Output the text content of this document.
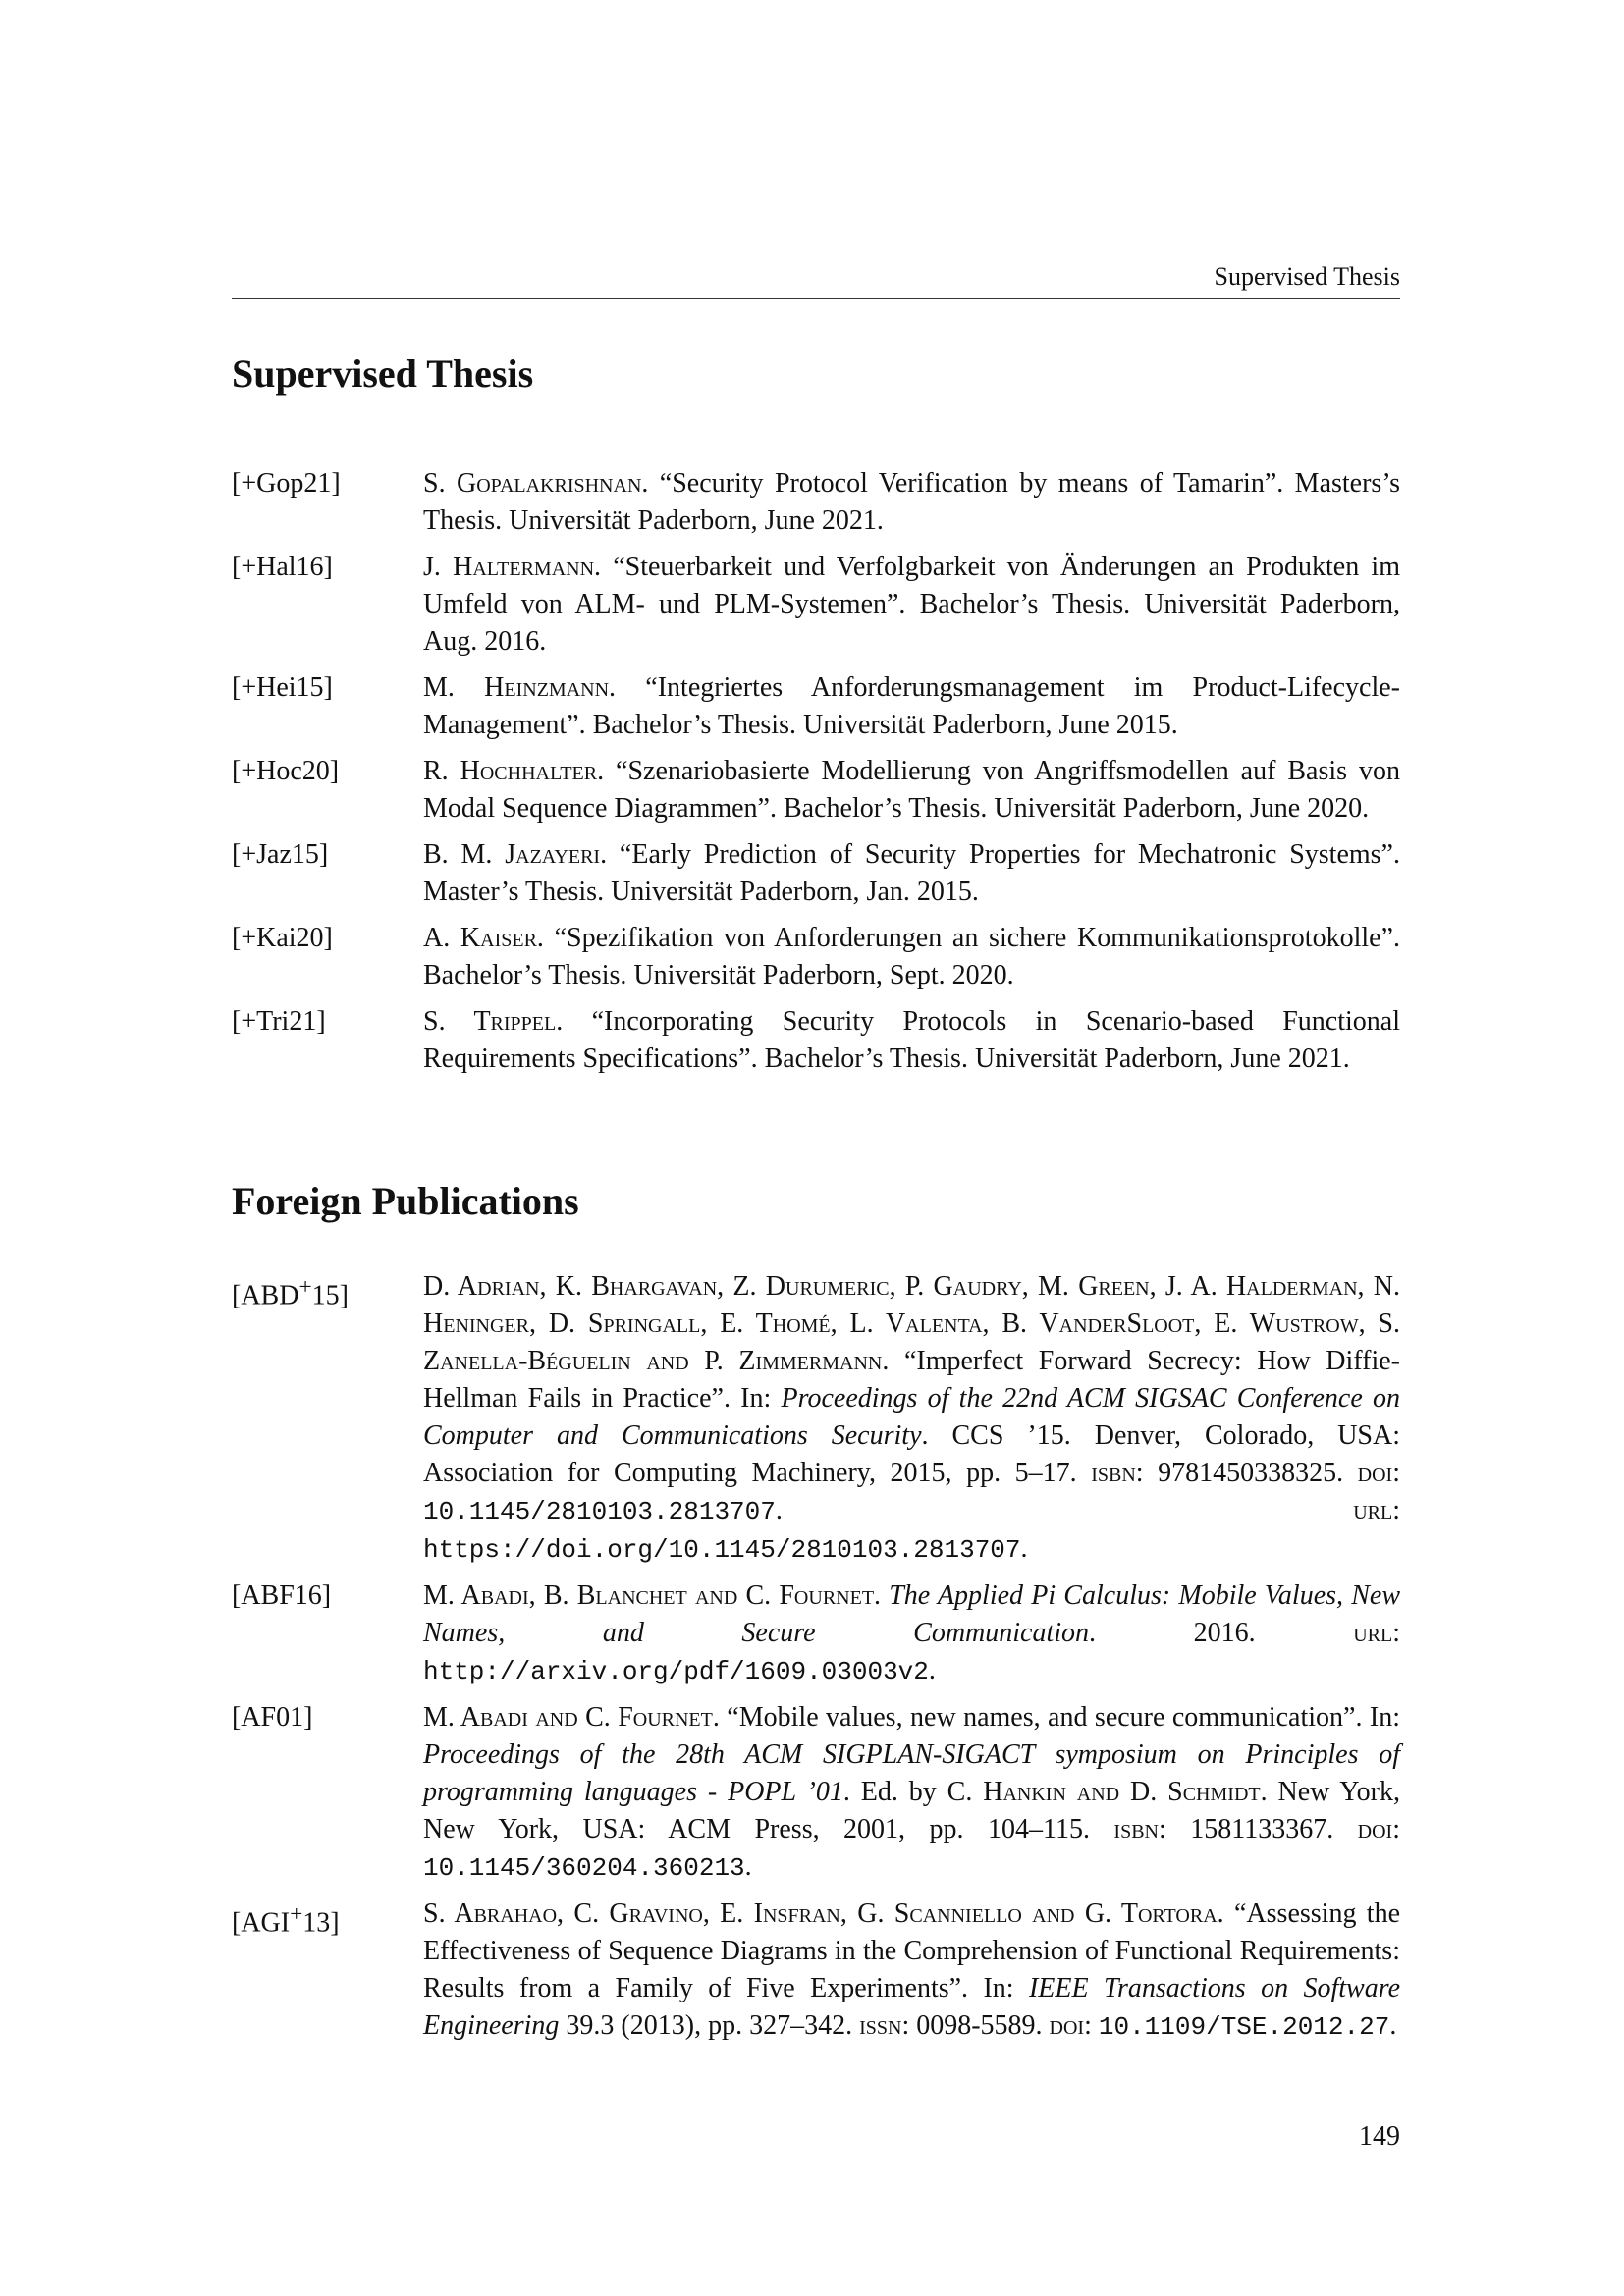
Supervised Thesis
Supervised Thesis
[+Gop21]	S. Gopalakrishnan. “Security Protocol Verification by means of Tamarin”. Masters’s Thesis. Universität Paderborn, June 2021.
[+Hal16]	J. Haltermann. “Steuerbarkeit und Verfolgbarkeit von Änderungen an Produkten im Umfeld von ALM- und PLM-Systemen”. Bachelor’s Thesis. Universität Paderborn, Aug. 2016.
[+Hei15]	M. Heinzmann. “Integriertes Anforderungsmanagement im Product-Lifecycle-Management”. Bachelor’s Thesis. Universität Paderborn, June 2015.
[+Hoc20]	R. Hochhalter. “Szenariobasierte Modellierung von Angriffsmodellen auf Basis von Modal Sequence Diagrammen”. Bachelor’s Thesis. Universität Paderborn, June 2020.
[+Jaz15]	B. M. Jazayeri. “Early Prediction of Security Properties for Mechatronic Systems”. Master’s Thesis. Universität Paderborn, Jan. 2015.
[+Kai20]	A. Kaiser. “Spezifikation von Anforderungen an sichere Kommunikationsprotokolle”. Bachelor’s Thesis. Universität Paderborn, Sept. 2020.
[+Tri21]	S. Trippel. “Incorporating Security Protocols in Scenario-based Functional Requirements Specifications”. Bachelor’s Thesis. Universität Paderborn, June 2021.
Foreign Publications
[ABD+15]	D. Adrian, K. Bhargavan, Z. Durumeric, P. Gaudry, M. Green, J. A. Halderman, N. Heninger, D. Springall, E. Thomé, L. Valenta, B. VanderSloot, E. Wustrow, S. Zanella-Béguelin and P. Zimmermann. “Imperfect Forward Secrecy: How Diffie-Hellman Fails in Practice”. In: Proceedings of the 22nd ACM SIGSAC Conference on Computer and Communications Security. CCS ’15. Denver, Colorado, USA: Association for Computing Machinery, 2015, pp. 5–17. isbn: 9781450338325. doi: 10.1145/2810103.2813707. url: https://doi.org/10.1145/2810103.2813707.
[ABF16]	M. Abadi, B. Blanchet and C. Fournet. The Applied Pi Calculus: Mobile Values, New Names, and Secure Communication. 2016. url: http://arxiv.org/pdf/1609.03003v2.
[AF01]	M. Abadi and C. Fournet. “Mobile values, new names, and secure communication”. In: Proceedings of the 28th ACM SIGPLAN-SIGACT symposium on Principles of programming languages - POPL ’01. Ed. by C. Hankin and D. Schmidt. New York, New York, USA: ACM Press, 2001, pp. 104–115. isbn: 1581133367. doi: 10.1145/360204.360213.
[AGI+13]	S. Abrahao, C. Gravino, E. Insfran, G. Scanniello and G. Tortora. “Assessing the Effectiveness of Sequence Diagrams in the Comprehension of Functional Requirements: Results from a Family of Five Experiments”. In: IEEE Transactions on Software Engineering 39.3 (2013), pp. 327–342. issn: 0098-5589. doi: 10.1109/TSE.2012.27.
149
